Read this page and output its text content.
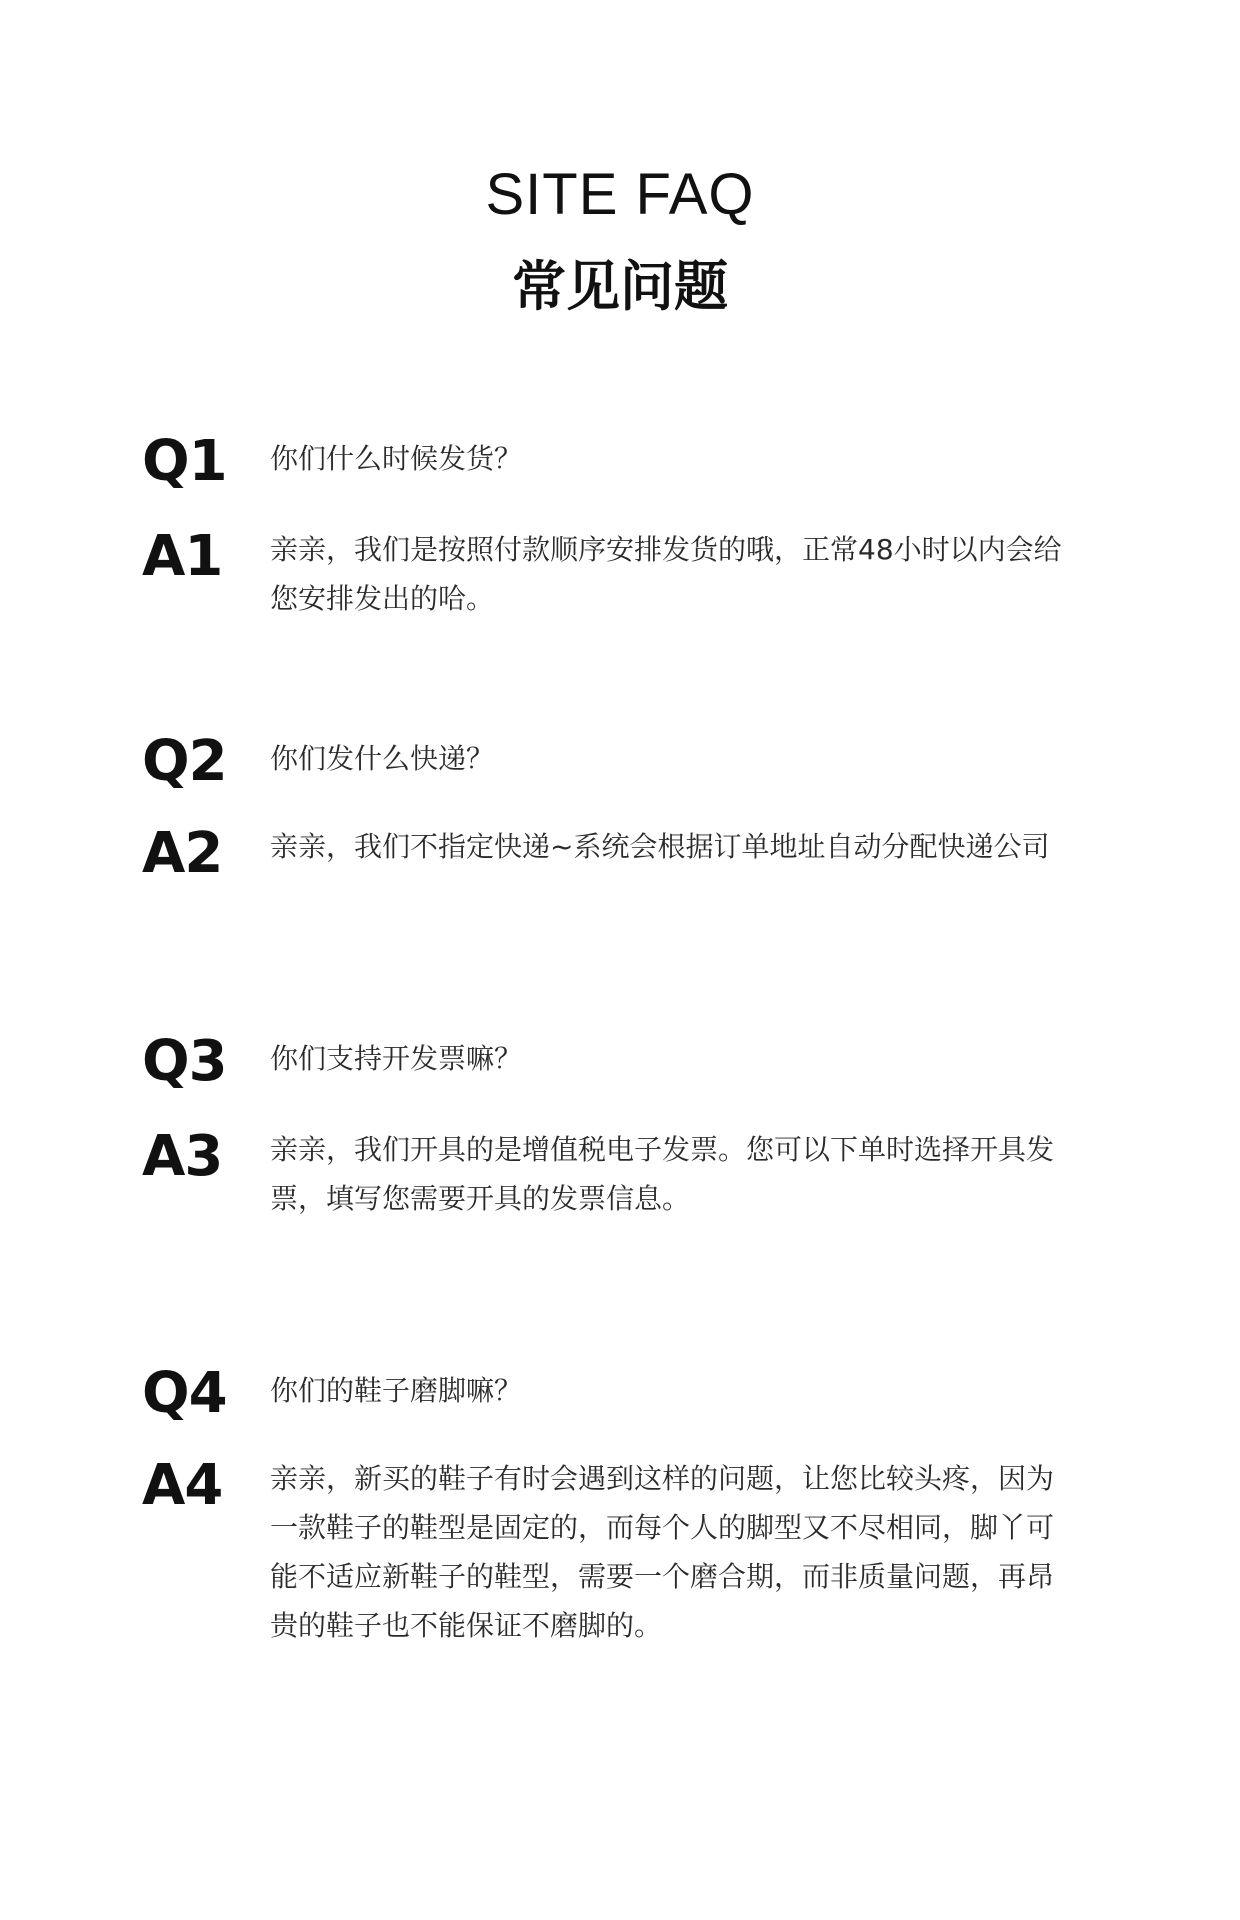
SITE FAQ
常见问题
Q1 你们什么时候发货？
A1 亲亲，我们是按照付款顺序安排发货的哦，正常48小时以内会给
您安排发出的哈。
Q2 你们发什么快递？
A2 亲亲，我们不指定快递~系统会根据订单地址自动分配快递公司
Q3 你们支持开发票嘛？
A3 亲亲，我们开具的是增值税电子发票。您可以下单时选择开具发
票，填写您需要开具的发票信息。
Q4 你们的鞋子磨脚嘛？
A4 亲亲，新买的鞋子有时会遇到这样的问题，让您比较头疼，因为
一款鞋子的鞋型是固定的，而每个人的脚型又不尽相同，脚丫可
能不适应新鞋子的鞋型，需要一个磨合期，而非质量问题，再昂
贵的鞋子也不能保证不磨脚的。
